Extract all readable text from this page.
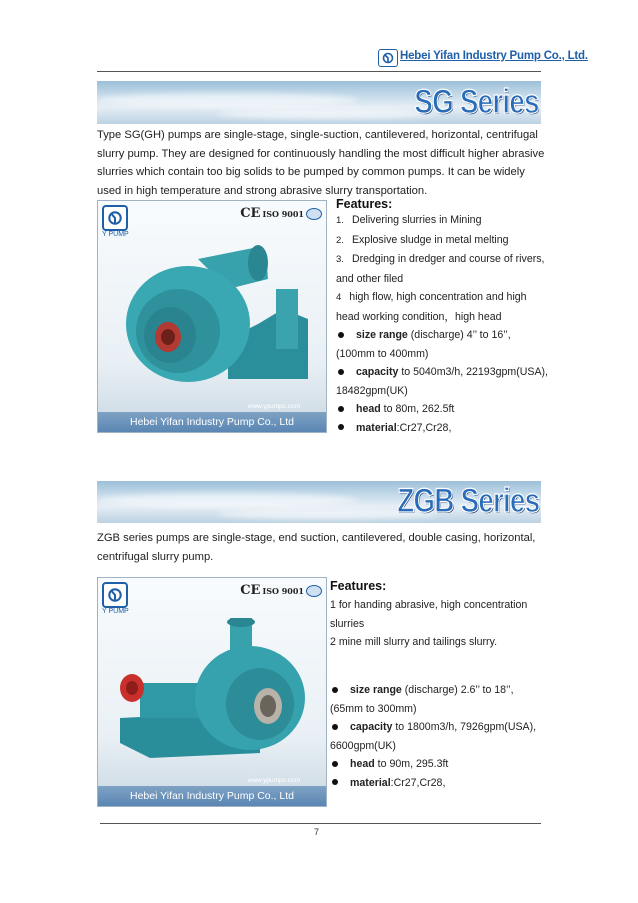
Hebei Yifan Industry Pump Co., Ltd.
SG Series
Type SG(GH) pumps are single-stage, single-suction, cantilevered, horizontal, centrifugal slurry pump. They are designed for continuously handling the most difficult higher abrasive slurries which contain too big solids to be pumped by common pumps. It can be widely used in high temperature and strong abrasive slurry transportation.
Y PUMP
CE ISO 9001
www.ypumps.com
Hebei Yifan Industry Pump Co., Ltd
Features:
1. Delivering slurries in Mining
2. Explosive sludge in metal melting
3. Dredging in dredger and course of rivers, and other filed
4 high flow, high concentration and high head working condition，high head
size range (discharge) 4’’ to 16’’, (100mm to 400mm)
capacity to 5040m3/h, 22193gpm(USA), 18482gpm(UK)
head to 80m, 262.5ft
material:Cr27,Cr28,
ZGB Series
ZGB series pumps are single-stage, end suction, cantilevered, double casing, horizontal, centrifugal slurry pump.
Y PUMP
CE ISO 9001
www.ypumps.com
Hebei Yifan Industry Pump Co., Ltd
Features:
1 for handing abrasive, high concentration slurries
2 mine mill slurry and tailings slurry.
size range (discharge) 2.6’’ to 18’’, (65mm to 300mm)
capacity to 1800m3/h, 7926gpm(USA), 6600gpm(UK)
head to 90m, 295.3ft
material:Cr27,Cr28,
7
